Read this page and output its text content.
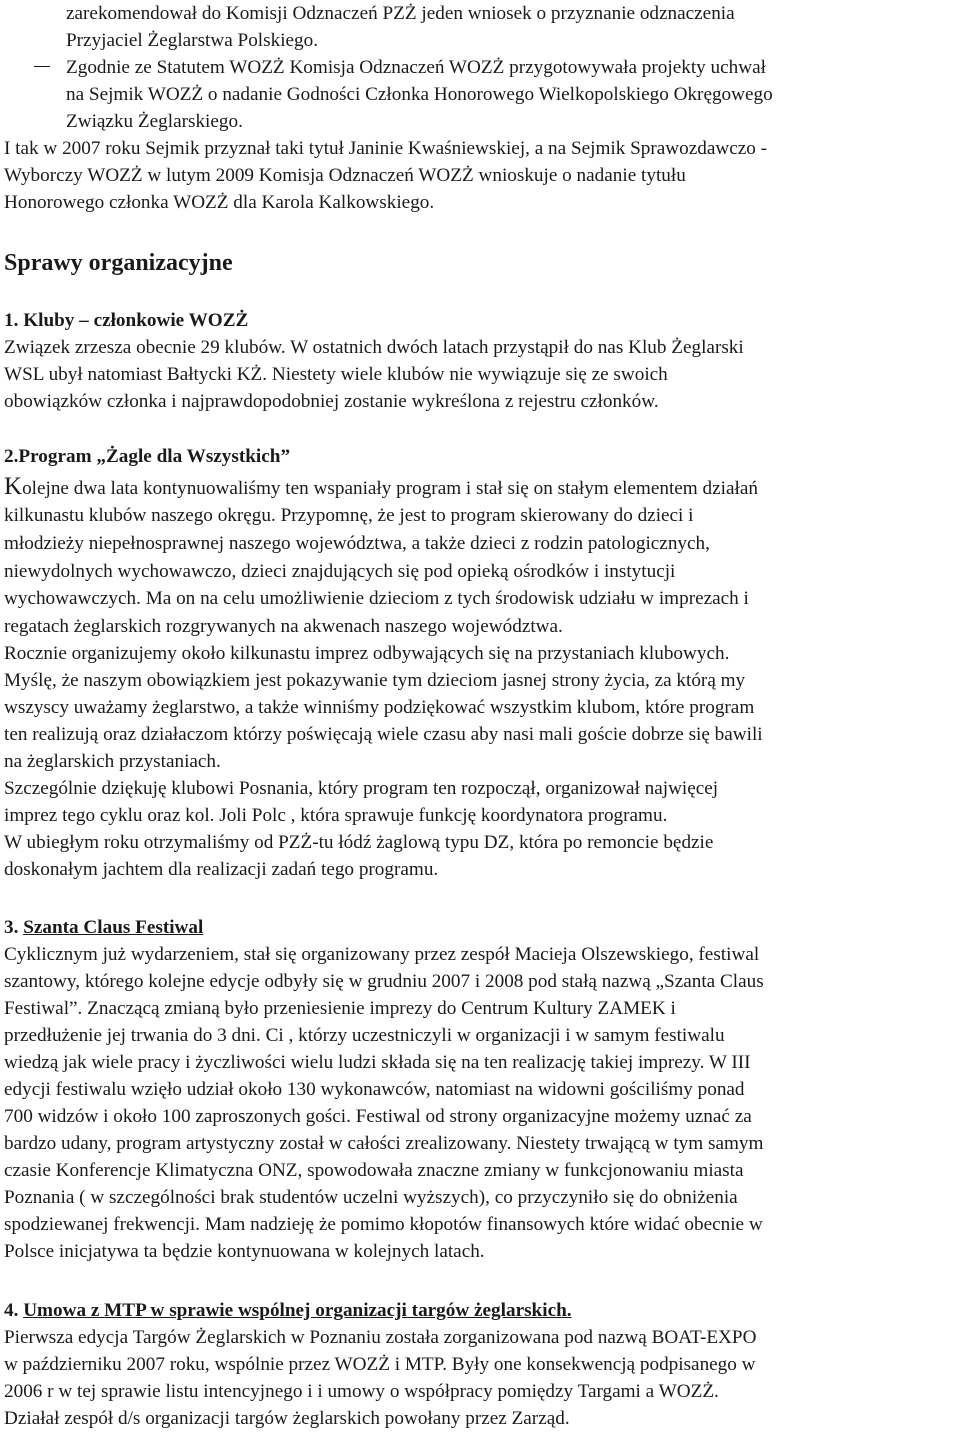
zarekomendował do Komisji Odznaczeń PZŻ jeden wniosek o przyznanie odznaczenia
Przyjaciel Żeglarstwa Polskiego.
Zgodnie ze Statutem WOZŻ Komisja Odznaczeń WOZŻ przygotowywała projekty uchwał
na Sejmik WOZŻ o nadanie Godności Członka Honorowego Wielkopolskiego Okręgowego
Związku Żeglarskiego.
I tak w 2007 roku Sejmik przyznał taki tytuł Janinie Kwaśniewskiej, a na Sejmik Sprawozdawczo -
Wyborczy WOZŻ w lutym 2009 Komisja Odznaczeń WOZŻ wnioskuje o nadanie tytułu
Honorowego członka WOZŻ dla Karola Kalkowskiego.
Sprawy organizacyjne
1. Kluby – członkowie WOZŻ
Związek zrzesza obecnie 29 klubów. W ostatnich dwóch latach przystąpił do nas Klub Żeglarski
WSL ubył natomiast Bałtycki KŻ. Niestety wiele klubów nie wywiązuje się ze swoich
obowiązków członka i najprawdopodobniej zostanie wykreślona z rejestru członków.
2.Program „Żagle dla Wszystkich”
Kolejne dwa lata kontynuowaliśmy ten wspaniały program i stał się on stałym elementem działań
kilkunastu klubów naszego okręgu. Przypomnę, że jest to program skierowany do dzieci i
młodzieży niepełnosprawnej naszego województwa, a także dzieci z rodzin patologicznych,
niewydolnych wychowawczo, dzieci znajdujących się pod opieką ośrodków i instytucji
wychowawczych. Ma on na celu umożliwienie dzieciom z tych środowisk udziału w imprezach i
regatach żeglarskich rozgrywanych na akwenach naszego województwa.
Rocznie organizujemy około kilkunastu imprez odbywających się na przystaniach klubowych.
Myślę, że naszym obowiązkiem jest pokazywanie tym dzieciom jasnej strony życia, za którą my
wszyscy uważamy żeglarstwo, a także winniśmy podziękować wszystkim klubom, które program
ten realizują oraz działaczom którzy poświęcają wiele czasu aby nasi mali goście dobrze się bawili
na żeglarskich przystaniach.
Szczególnie dziękuję klubowi Posnania, który program ten rozpoczął, organizował najwięcej
imprez tego cyklu oraz kol. Joli Polc , która sprawuje funkcję koordynatora programu.
W ubiegłym roku otrzymaliśmy od PZŻ-tu łódź żaglową typu DZ, która po remoncie będzie
doskonałym jachtem dla realizacji zadań tego programu.
3. Szanta Claus Festiwal
Cyklicznym już wydarzeniem, stał się organizowany przez zespół Macieja Olszewskiego, festiwal
szantowy, którego kolejne edycje odbyły się w grudniu 2007 i 2008 pod stałą nazwą „Szanta Claus
Festiwal”. Znaczącą zmianą było przeniesienie imprezy do Centrum Kultury ZAMEK i
przedłużenie jej trwania do 3 dni. Ci , którzy uczestniczyli w organizacji i w samym festiwalu
wiedzą jak wiele pracy i życzliwości wielu ludzi składa się na ten realizację takiej imprezy. W III
edycji festiwalu wzięło udział około 130 wykonawców, natomiast na widowni gościliśmy ponad
700 widzów i około 100 zaproszonych gości. Festiwal od strony organizacyjne możemy uznać za
bardzo udany, program artystyczny został w całości zrealizowany. Niestety trwającą w tym samym
czasie Konferencje Klimatyczna ONZ, spowodowała znaczne zmiany w funkcjonowaniu miasta
Poznania ( w szczególności brak studentów uczelni wyższych), co przyczyniło się do obniżenia
spodziewanej frekwencji. Mam nadzieję że pomimo kłopotów finansowych które widać obecnie w
Polsce inicjatywa ta będzie kontynuowana w kolejnych latach.
4. Umowa z MTP w sprawie wspólnej organizacji targów żeglarskich.
Pierwsza edycja Targów Żeglarskich w Poznaniu została zorganizowana pod nazwą BOAT-EXPO
w październiku 2007 roku, wspólnie przez WOZŻ i MTP. Były one konsekwencją podpisanego w
2006 r w tej sprawie listu intencyjnego i i umowy o współpracy pomiędzy Targami a WOZŻ.
Działał zespół d/s organizacji targów żeglarskich powołany przez Zarząd.
